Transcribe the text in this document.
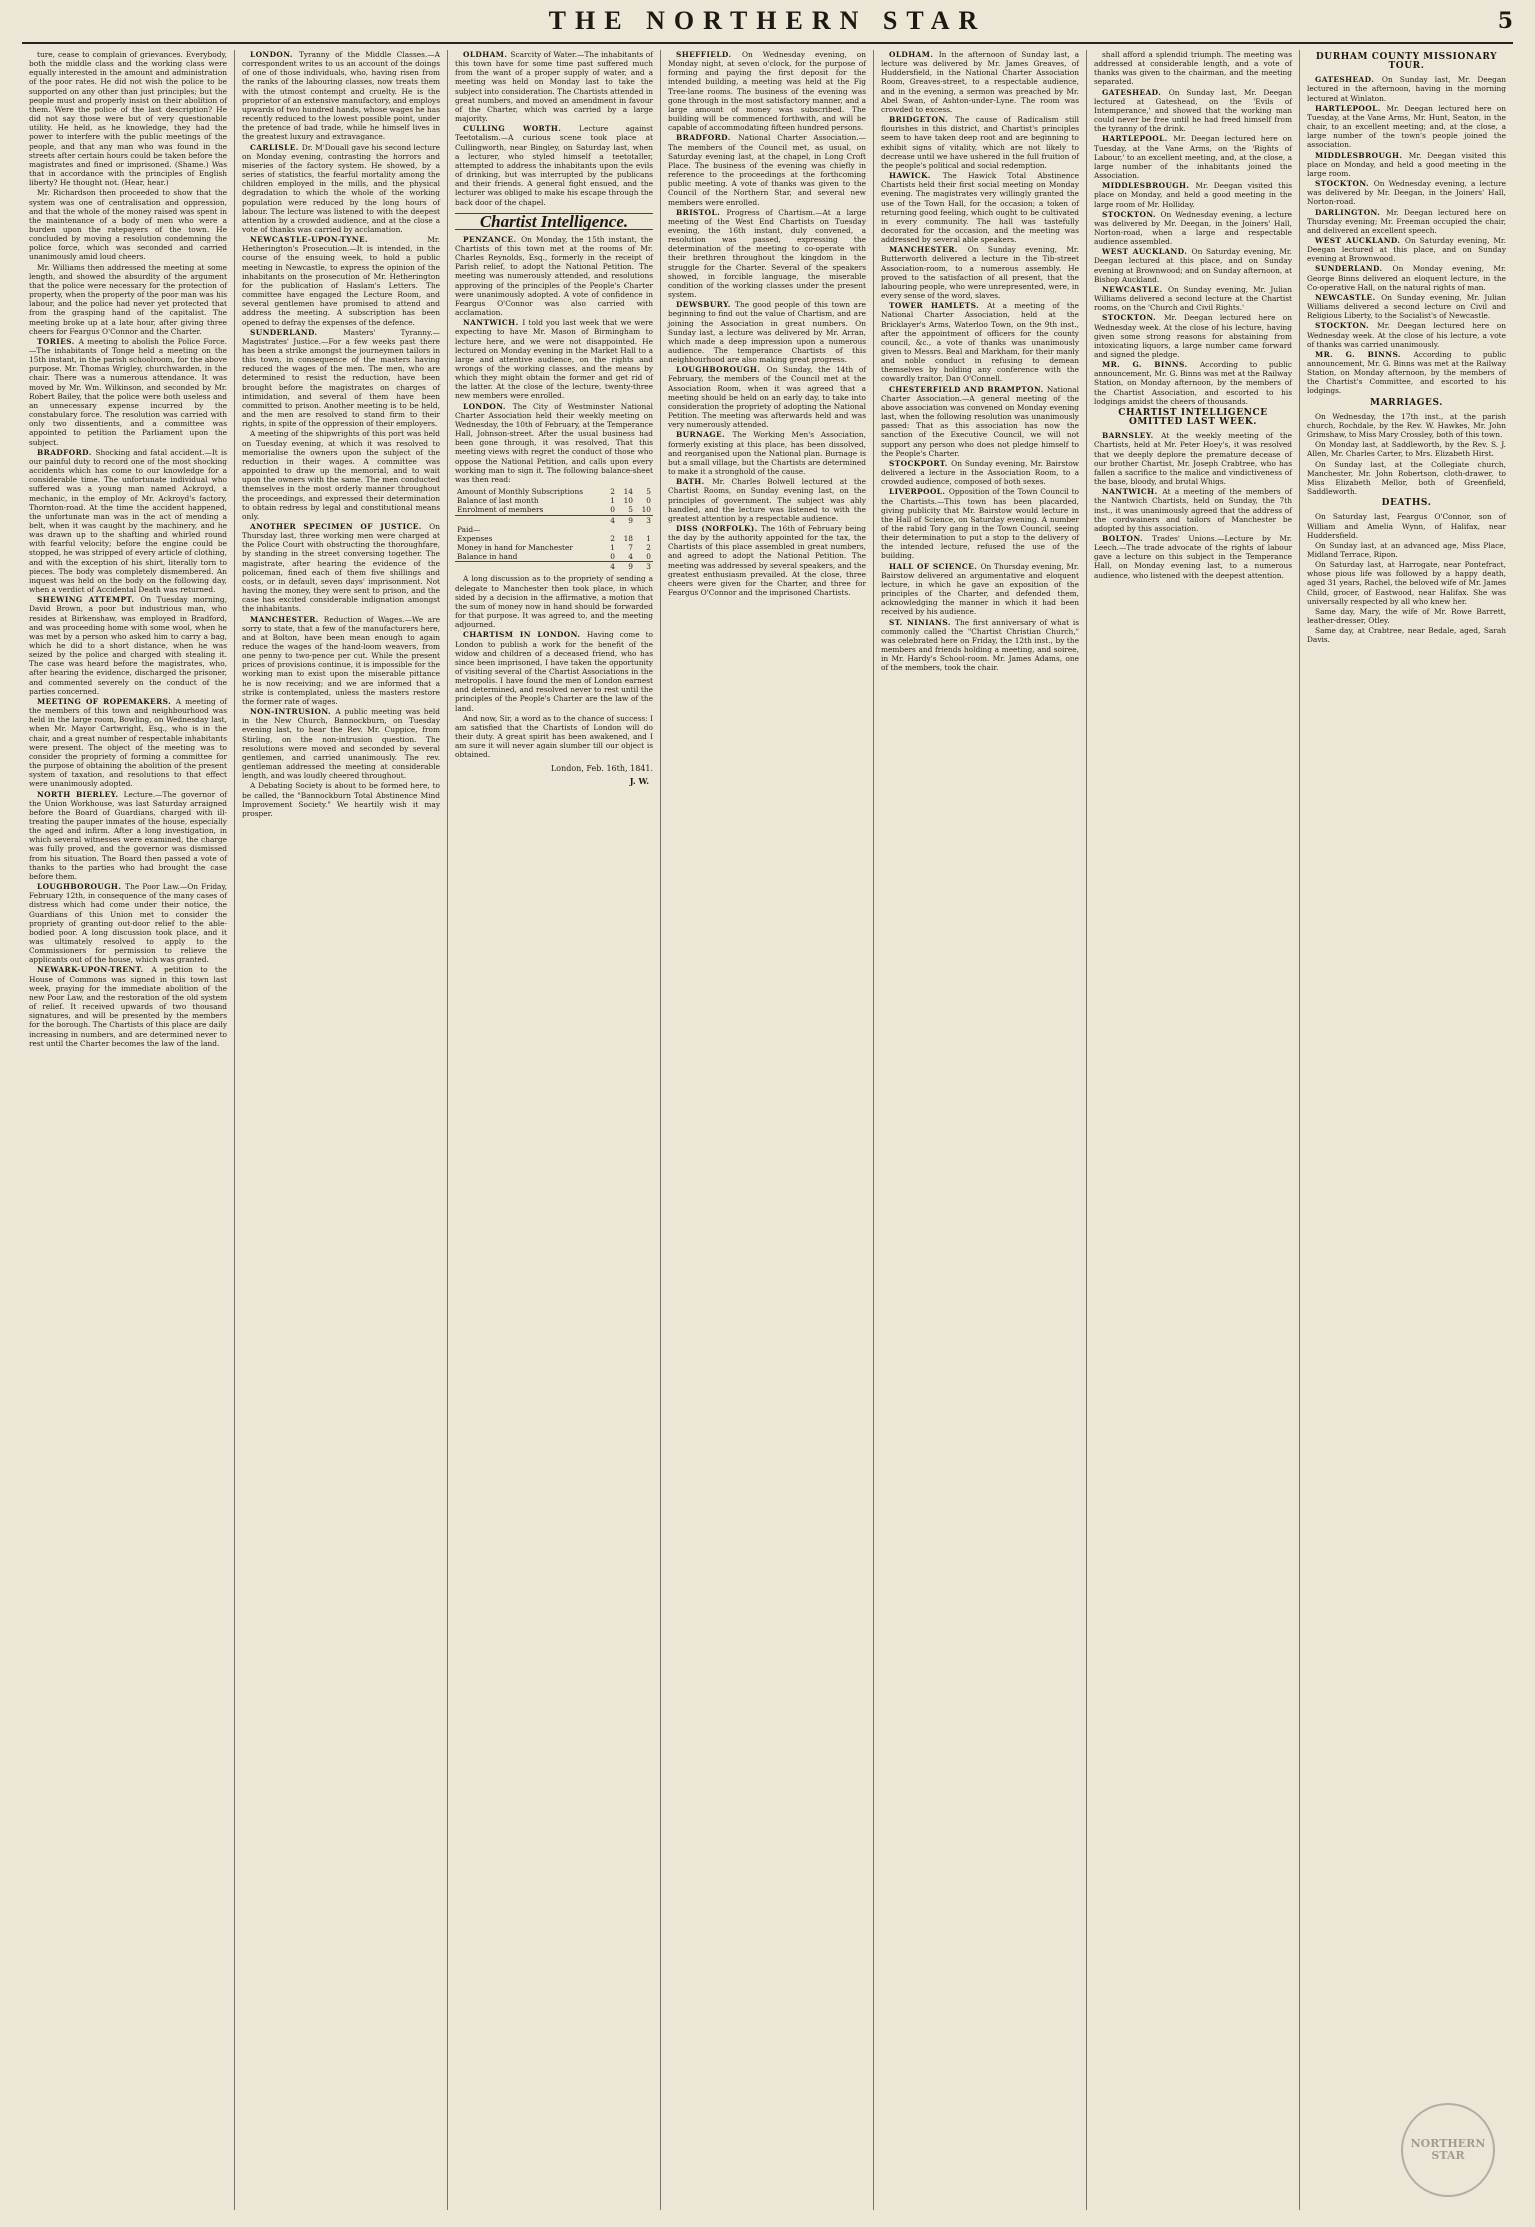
THE NORTHERN STAR	5

ture, cease to complain of grievances. Everybody, both the middle class and the working class were equally interested in the amount and administration of the poor rates. He did not wish the police to be supported on any other than just principles; but the people must and properly insist on their abolition of them. Were the police of the last description? He did not say those were but of very questionable utility. He held, as he knowledge, they had the power to interfere with the public meetings of the people, and that any man who was found in the streets after certain hours could be taken before the magistrates and fined or imprisoned. (Shame.) Was that in accordance with the principles of English liberty? He thought not. (Hear, hear.)

Mr. Richardson then proceeded to show that the system was one of centralisation and oppression, and that the whole of the money raised was spent in the maintenance of a body of men who were a burden upon the ratepayers of the town. He concluded by moving a resolution condemning the police force, which was seconded and carried unanimously amid loud cheers.

Mr. Williams then addressed the meeting at some length, and showed the absurdity of the argument that the police were necessary for the protection of property, when the property of the poor man was his labour, and the police had never yet protected that from the grasping hand of the capitalist. The meeting broke up at a late hour, after giving three cheers for Feargus O'Connor and the Charter.

TORIES. A meeting to abolish the Police Force.—The inhabitants of Tonge held a meeting on the 15th instant, in the parish schoolroom, for the above purpose. Mr. Thomas Wrigley, churchwarden, in the chair. There was a numerous attendance. It was moved by Mr. Wm. Wilkinson, and seconded by Mr. Robert Bailey, that the police were both useless and an unnecessary expense incurred by the constabulary force. The resolution was carried with only two dissentients, and a committee was appointed to petition the Parliament upon the subject.

BRADFORD. Shocking and fatal accident.—It is our painful duty to record one of the most shocking accidents which has come to our knowledge for a considerable time. The unfortunate individual who suffered was a young man named Ackroyd, a mechanic, in the employ of Mr. Ackroyd's factory, Thornton-road. At the time the accident happened, the unfortunate man was in the act of mending a belt, when it was caught by the machinery, and he was drawn up to the shafting and whirled round with fearful velocity; before the engine could be stopped, he was stripped of every article of clothing, and with the exception of his shirt, literally torn to pieces. The body was completely dismembered. An inquest was held on the body on the following day, when a verdict of Accidental Death was returned.

SHEWING ATTEMPT. On Tuesday morning, David Brown, a poor but industrious man, who resides at Birkenshaw, was employed in Bradford, and was proceeding home with some wool, when he was met by a person who asked him to carry a bag, which he did to a short distance, when he was seized by the police and charged with stealing it. The case was heard before the magistrates, who, after hearing the evidence, discharged the prisoner, and commented severely on the conduct of the parties concerned.

MEETING OF ROPEMAKERS. A meeting of the members of this town and neighbourhood was held in the large room, Bowling, on Wednesday last, when Mr. Mayor Cartwright, Esq., who is in the chair, and a great number of respectable inhabitants were present. The object of the meeting was to consider the propriety of forming a committee for the purpose of obtaining the abolition of the present system of taxation, and resolutions to that effect were unanimously adopted.

NORTH BIERLEY. Lecture.—The governor of the Union Workhouse, was last Saturday arraigned before the Board of Guardians, charged with ill-treating the pauper inmates of the house, especially the aged and infirm. After a long investigation, in which several witnesses were examined, the charge was fully proved, and the governor was dismissed from his situation. The Board then passed a vote of thanks to the parties who had brought the case before them.

LOUGHBOROUGH. The Poor Law.—On Friday, February 12th, in consequence of the many cases of distress which had come under their notice, the Guardians of this Union met to consider the propriety of granting out-door relief to the able-bodied poor. A long discussion took place, and it was ultimately resolved to apply to the Commissioners for permission to relieve the applicants out of the house, which was granted.

NEWARK-UPON-TRENT. A petition to the House of Commons was signed in this town last week, praying for the immediate abolition of the new Poor Law, and the restoration of the old system of relief. It received upwards of two thousand signatures, and will be presented by the members for the borough. The Chartists of this place are daily increasing in numbers, and are determined never to rest until the Charter becomes the law of the land.

LONDON. Tyranny of the Middle Classes.—A correspondent writes to us an account of the doings of one of those individuals, who, having risen from the ranks of the labouring classes, now treats them with the utmost contempt and cruelty. He is the proprietor of an extensive manufactory, and employs upwards of two hundred hands, whose wages he has recently reduced to the lowest possible point, under the pretence of bad trade, while he himself lives in the greatest luxury and extravagance.

CARLISLE. Dr. M'Douall gave his second lecture on Monday evening, contrasting the horrors and miseries of the factory system. He showed, by a series of statistics, the fearful mortality among the children employed in the mills, and the physical degradation to which the whole of the working population were reduced by the long hours of labour. The lecture was listened to with the deepest attention by a crowded audience, and at the close a vote of thanks was carried by acclamation.

NEWCASTLE-UPON-TYNE. Mr. Hetherington's Prosecution.—It is intended, in the course of the ensuing week, to hold a public meeting in Newcastle, to express the opinion of the inhabitants on the prosecution of Mr. Hetherington for the publication of Haslam's Letters. The committee have engaged the Lecture Room, and several gentlemen have promised to attend and address the meeting. A subscription has been opened to defray the expenses of the defence.

SUNDERLAND. Masters' Tyranny.—Magistrates' Justice.—For a few weeks past there has been a strike amongst the journeymen tailors in this town, in consequence of the masters having reduced the wages of the men. The men, who are determined to resist the reduction, have been brought before the magistrates on charges of intimidation, and several of them have been committed to prison. Another meeting is to be held, and the men are resolved to stand firm to their rights, in spite of the oppression of their employers.

A meeting of the shipwrights of this port was held on Tuesday evening, at which it was resolved to memorialise the owners upon the subject of the reduction in their wages. A committee was appointed to draw up the memorial, and to wait upon the owners with the same. The men conducted themselves in the most orderly manner throughout the proceedings, and expressed their determination to obtain redress by legal and constitutional means only.

ANOTHER SPECIMEN OF JUSTICE. On Thursday last, three working men were charged at the Police Court with obstructing the thoroughfare, by standing in the street conversing together. The magistrate, after hearing the evidence of the policeman, fined each of them five shillings and costs, or in default, seven days' imprisonment. Not having the money, they were sent to prison, and the case has excited considerable indignation amongst the inhabitants.

MANCHESTER. Reduction of Wages.—We are sorry to state, that a few of the manufacturers here, and at Bolton, have been mean enough to again reduce the wages of the hand-loom weavers, from one penny to two-pence per cut. While the present prices of provisions continue, it is impossible for the working man to exist upon the miserable pittance he is now receiving; and we are informed that a strike is contemplated, unless the masters restore the former rate of wages.

NON-INTRUSION. A public meeting was held in the New Church, Bannockburn, on Tuesday evening last, to hear the Rev. Mr. Cuppice, from Stirling, on the non-intrusion question. The resolutions were moved and seconded by several gentlemen, and carried unanimously. The rev. gentleman addressed the meeting at considerable length, and was loudly cheered throughout.

A Debating Society is about to be formed here, to be called, the "Bannockburn Total Abstinence Mind Improvement Society." We heartily wish it may prosper.

OLDHAM. Scarcity of Water.—The inhabitants of this town have for some time past suffered much from the want of a proper supply of water, and a meeting was held on Monday last to take the subject into consideration. The Chartists attended in great numbers, and moved an amendment in favour of the Charter, which was carried by a large majority.

CULLING WORTH. Lecture against Teetotalism.—A curious scene took place at Cullingworth, near Bingley, on Saturday last, when a lecturer, who styled himself a teetotaller, attempted to address the inhabitants upon the evils of drinking, but was interrupted by the publicans and their friends. A general fight ensued, and the lecturer was obliged to make his escape through the back door of the chapel.

Chartist Intelligence.

PENZANCE. On Monday, the 15th instant, the Chartists of this town met at the rooms of Mr. Charles Reynolds, Esq., formerly in the receipt of Parish relief, to adopt the National Petition. The meeting was numerously attended, and resolutions approving of the principles of the People's Charter were unanimously adopted. A vote of confidence in Feargus O'Connor was also carried with acclamation.

NANTWICH. I told you last week that we were expecting to have Mr. Mason of Birmingham to lecture here, and we were not disappointed. He lectured on Monday evening in the Market Hall to a large and attentive audience, on the rights and wrongs of the working classes, and the means by which they might obtain the former and get rid of the latter. At the close of the lecture, twenty-three new members were enrolled.

LONDON. The City of Westminster National Charter Association held their weekly meeting on Wednesday, the 10th of February, at the Temperance Hall, Johnson-street. After the usual business had been gone through, it was resolved, That this meeting views with regret the conduct of those who oppose the National Petition, and calls upon every working man to sign it. The following balance-sheet was then read:

Amount of Monthly Subscriptions	2	14	5
Balance of last month	1	10	0
Enrolment of members	0	5	10
	4	9	3
Paid—			
Expenses	2	18	1
Money in hand for Manchester	1	7	2
Balance in hand	0	4	0
	4	9	3

A long discussion as to the propriety of sending a delegate to Manchester then took place, in which sided by a decision in the affirmative, a motion that the sum of money now in hand should be forwarded for that purpose. It was agreed to, and the meeting adjourned.

CHARTISM IN LONDON. Having come to London to publish a work for the benefit of the widow and children of a deceased friend, who has since been imprisoned, I have taken the opportunity of visiting several of the Chartist Associations in the metropolis. I have found the men of London earnest and determined, and resolved never to rest until the principles of the People's Charter are the law of the land.

And now, Sir, a word as to the chance of success: I am satisfied that the Chartists of London will do their duty. A great spirit has been awakened, and I am sure it will never again slumber till our object is obtained.

London, Feb. 16th, 1841.
J. W.

SHEFFIELD. On Wednesday evening, on Monday night, at seven o'clock, for the purpose of forming and paying the first deposit for the intended building, a meeting was held at the Fig Tree-lane rooms. The business of the evening was gone through in the most satisfactory manner, and a large amount of money was subscribed. The building will be commenced forthwith, and will be capable of accommodating fifteen hundred persons.

BRADFORD. National Charter Association.—The members of the Council met, as usual, on Saturday evening last, at the chapel, in Long Croft Place. The business of the evening was chiefly in reference to the proceedings at the forthcoming public meeting. A vote of thanks was given to the Council of the Northern Star, and several new members were enrolled.

BRISTOL. Progress of Chartism.—At a large meeting of the West End Chartists on Tuesday evening, the 16th instant, duly convened, a resolution was passed, expressing the determination of the meeting to co-operate with their brethren throughout the kingdom in the struggle for the Charter. Several of the speakers showed, in forcible language, the miserable condition of the working classes under the present system.

DEWSBURY. The good people of this town are beginning to find out the value of Chartism, and are joining the Association in great numbers. On Sunday last, a lecture was delivered by Mr. Arran, which made a deep impression upon a numerous audience. The temperance Chartists of this neighbourhood are also making great progress.

LOUGHBOROUGH. On Sunday, the 14th of February, the members of the Council met at the Association Room, when it was agreed that a meeting should be held on an early day, to take into consideration the propriety of adopting the National Petition. The meeting was afterwards held and was very numerously attended.

BURNAGE. The Working Men's Association, formerly existing at this place, has been dissolved, and reorganised upon the National plan. Burnage is but a small village, but the Chartists are determined to make it a stronghold of the cause.

BATH. Mr. Charles Bolwell lectured at the Chartist Rooms, on Sunday evening last, on the principles of government. The subject was ably handled, and the lecture was listened to with the greatest attention by a respectable audience.

DISS (NORFOLK). The 16th of February being the day by the authority appointed for the tax, the Chartists of this place assembled in great numbers, and agreed to adopt the National Petition. The meeting was addressed by several speakers, and the greatest enthusiasm prevailed. At the close, three cheers were given for the Charter, and three for Feargus O'Connor and the imprisoned Chartists.

OLDHAM. In the afternoon of Sunday last, a lecture was delivered by Mr. James Greaves, of Huddersfield, in the National Charter Association Room, Greaves-street, to a respectable audience, and in the evening, a sermon was preached by Mr. Abel Swan, of Ashton-under-Lyne. The room was crowded to excess.

BRIDGETON. The cause of Radicalism still flourishes in this district, and Chartist's principles seem to have taken deep root and are beginning to exhibit signs of vitality, which are not likely to decrease until we have ushered in the full fruition of the people's political and social redemption.

HAWICK. The Hawick Total Abstinence Chartists held their first social meeting on Monday evening. The magistrates very willingly granted the use of the Town Hall, for the occasion; a token of returning good feeling, which ought to be cultivated in every community. The hall was tastefully decorated for the occasion, and the meeting was addressed by several able speakers.

MANCHESTER. On Sunday evening, Mr. Butterworth delivered a lecture in the Tib-street Association-room, to a numerous assembly. He proved to the satisfaction of all present, that the labouring people, who were unrepresented, were, in every sense of the word, slaves.

TOWER HAMLETS. At a meeting of the National Charter Association, held at the Bricklayer's Arms, Waterloo Town, on the 9th inst., after the appointment of officers for the county council, &c., a vote of thanks was unanimously given to Messrs. Beal and Markham, for their manly and noble conduct in refusing to demean themselves by holding any conference with the cowardly traitor, Dan O'Connell.

CHESTERFIELD AND BRAMPTON. National Charter Association.—A general meeting of the above association was convened on Monday evening last, when the following resolution was unanimously passed: That as this association has now the sanction of the Executive Council, we will not support any person who does not pledge himself to the People's Charter.

STOCKPORT. On Sunday evening, Mr. Bairstow delivered a lecture in the Association Room, to a crowded audience, composed of both sexes.

LIVERPOOL. Opposition of the Town Council to the Chartists.—This town has been placarded, giving publicity that Mr. Bairstow would lecture in the Hall of Science, on Saturday evening. A number of the rabid Tory gang in the Town Council, seeing their determination to put a stop to the delivery of the intended lecture, refused the use of the building.

HALL OF SCIENCE. On Thursday evening, Mr. Bairstow delivered an argumentative and eloquent lecture, in which he gave an exposition of the principles of the Charter, and defended them, acknowledging the manner in which it had been received by his audience.

ST. NINIANS. The first anniversary of what is commonly called the "Chartist Christian Church," was celebrated here on Friday, the 12th inst., by the members and friends holding a meeting, and soiree, in Mr. Hardy's School-room. Mr. James Adams, one of the members, took the chair.

shall afford a splendid triumph. The meeting was addressed at considerable length, and a vote of thanks was given to the chairman, and the meeting separated.

GATESHEAD. On Sunday last, Mr. Deegan lectured at Gateshead, on the 'Evils of Intemperance,' and showed that the working man could never be free until he had freed himself from the tyranny of the drink.

HARTLEPOOL. Mr. Deegan lectured here on Tuesday, at the Vane Arms, on the 'Rights of Labour,' to an excellent meeting, and, at the close, a large number of the inhabitants joined the Association.

MIDDLESBROUGH. Mr. Deegan visited this place on Monday, and held a good meeting in the large room of Mr. Holliday.

STOCKTON. On Wednesday evening, a lecture was delivered by Mr. Deegan, in the Joiners' Hall, Norton-road, when a large and respectable audience assembled.

WEST AUCKLAND. On Saturday evening, Mr. Deegan lectured at this place, and on Sunday evening at Brownwood; and on Sunday afternoon, at Bishop Auckland.

NEWCASTLE. On Sunday evening, Mr. Julian Williams delivered a second lecture at the Chartist rooms, on the 'Church and Civil Rights.'

STOCKTON. Mr. Deegan lectured here on Wednesday week. At the close of his lecture, having given some strong reasons for abstaining from intoxicating liquors, a large number came forward and signed the pledge.

MR. G. BINNS. According to public announcement, Mr. G. Binns was met at the Railway Station, on Monday afternoon, by the members of the Chartist Association, and escorted to his lodgings amidst the cheers of thousands.

CHARTIST INTELLIGENCE OMITTED LAST WEEK.

BARNSLEY. At the weekly meeting of the Chartists, held at Mr. Peter Hoey's, it was resolved that we deeply deplore the premature decease of our brother Chartist, Mr. Joseph Crabtree, who has fallen a sacrifice to the malice and vindictiveness of the base, bloody, and brutal Whigs.

NANTWICH. At a meeting of the members of the Nantwich Chartists, held on Sunday, the 7th inst., it was unanimously agreed that the address of the cordwainers and tailors of Manchester be adopted by this association.

BOLTON. Trades' Unions.—Lecture by Mr. Leech.—The trade advocate of the rights of labour gave a lecture on this subject in the Temperance Hall, on Monday evening last, to a numerous audience, who listened with the deepest attention.

DURHAM COUNTY MISSIONARY TOUR.

GATESHEAD. On Sunday last, Mr. Deegan lectured in the afternoon, having in the morning lectured at Winlaton.

HARTLEPOOL. Mr. Deegan lectured here on Tuesday, at the Vane Arms, Mr. Hunt, Seaton, in the chair, to an excellent meeting; and, at the close, a large number of the town's people joined the association.

MIDDLESBROUGH. Mr. Deegan visited this place on Monday, and held a good meeting in the large room.

STOCKTON. On Wednesday evening, a lecture was delivered by Mr. Deegan, in the Joiners' Hall, Norton-road.

DARLINGTON. Mr. Deegan lectured here on Thursday evening; Mr. Freeman occupied the chair, and delivered an excellent speech.

WEST AUCKLAND. On Saturday evening, Mr. Deegan lectured at this place, and on Sunday evening at Brownwood.

SUNDERLAND. On Monday evening, Mr. George Binns delivered an eloquent lecture, in the Co-operative Hall, on the natural rights of man.

NEWCASTLE. On Sunday evening, Mr. Julian Williams delivered a second lecture on Civil and Religious Liberty, to the Socialist's of Newcastle.

STOCKTON. Mr. Deegan lectured here on Wednesday week. At the close of his lecture, a vote of thanks was carried unanimously.

MR. G. BINNS. According to public announcement, Mr. G. Binns was met at the Railway Station, on Monday afternoon, by the members of the Chartist's Committee, and escorted to his lodgings.

MARRIAGES.

On Wednesday, the 17th inst., at the parish church, Rochdale, by the Rev. W. Hawkes, Mr. John Grimshaw, to Miss Mary Crossley, both of this town.

On Monday last, at Saddleworth, by the Rev. S. J. Allen, Mr. Charles Carter, to Mrs. Elizabeth Hirst.

On Sunday last, at the Collegiate church, Manchester, Mr. John Robertson, cloth-drawer, to Miss Elizabeth Mellor, both of Greenfield, Saddleworth.

DEATHS.

On Saturday last, Feargus O'Connor, son of William and Amelia Wynn, of Halifax, near Huddersfield.

On Sunday last, at an advanced age, Miss Place, Midland Terrace, Ripon.

On Saturday last, at Harrogate, near Pontefract, whose pious life was followed by a happy death, aged 31 years, Rachel, the beloved wife of Mr. James Child, grocer, of Eastwood, near Halifax. She was universally respected by all who knew her.

Same day, Mary, the wife of Mr. Rowe Barrett, leather-dresser, Otley.

Same day, at Crabtree, near Bedale, aged, Sarah Davis.

NORTHERN STAR
